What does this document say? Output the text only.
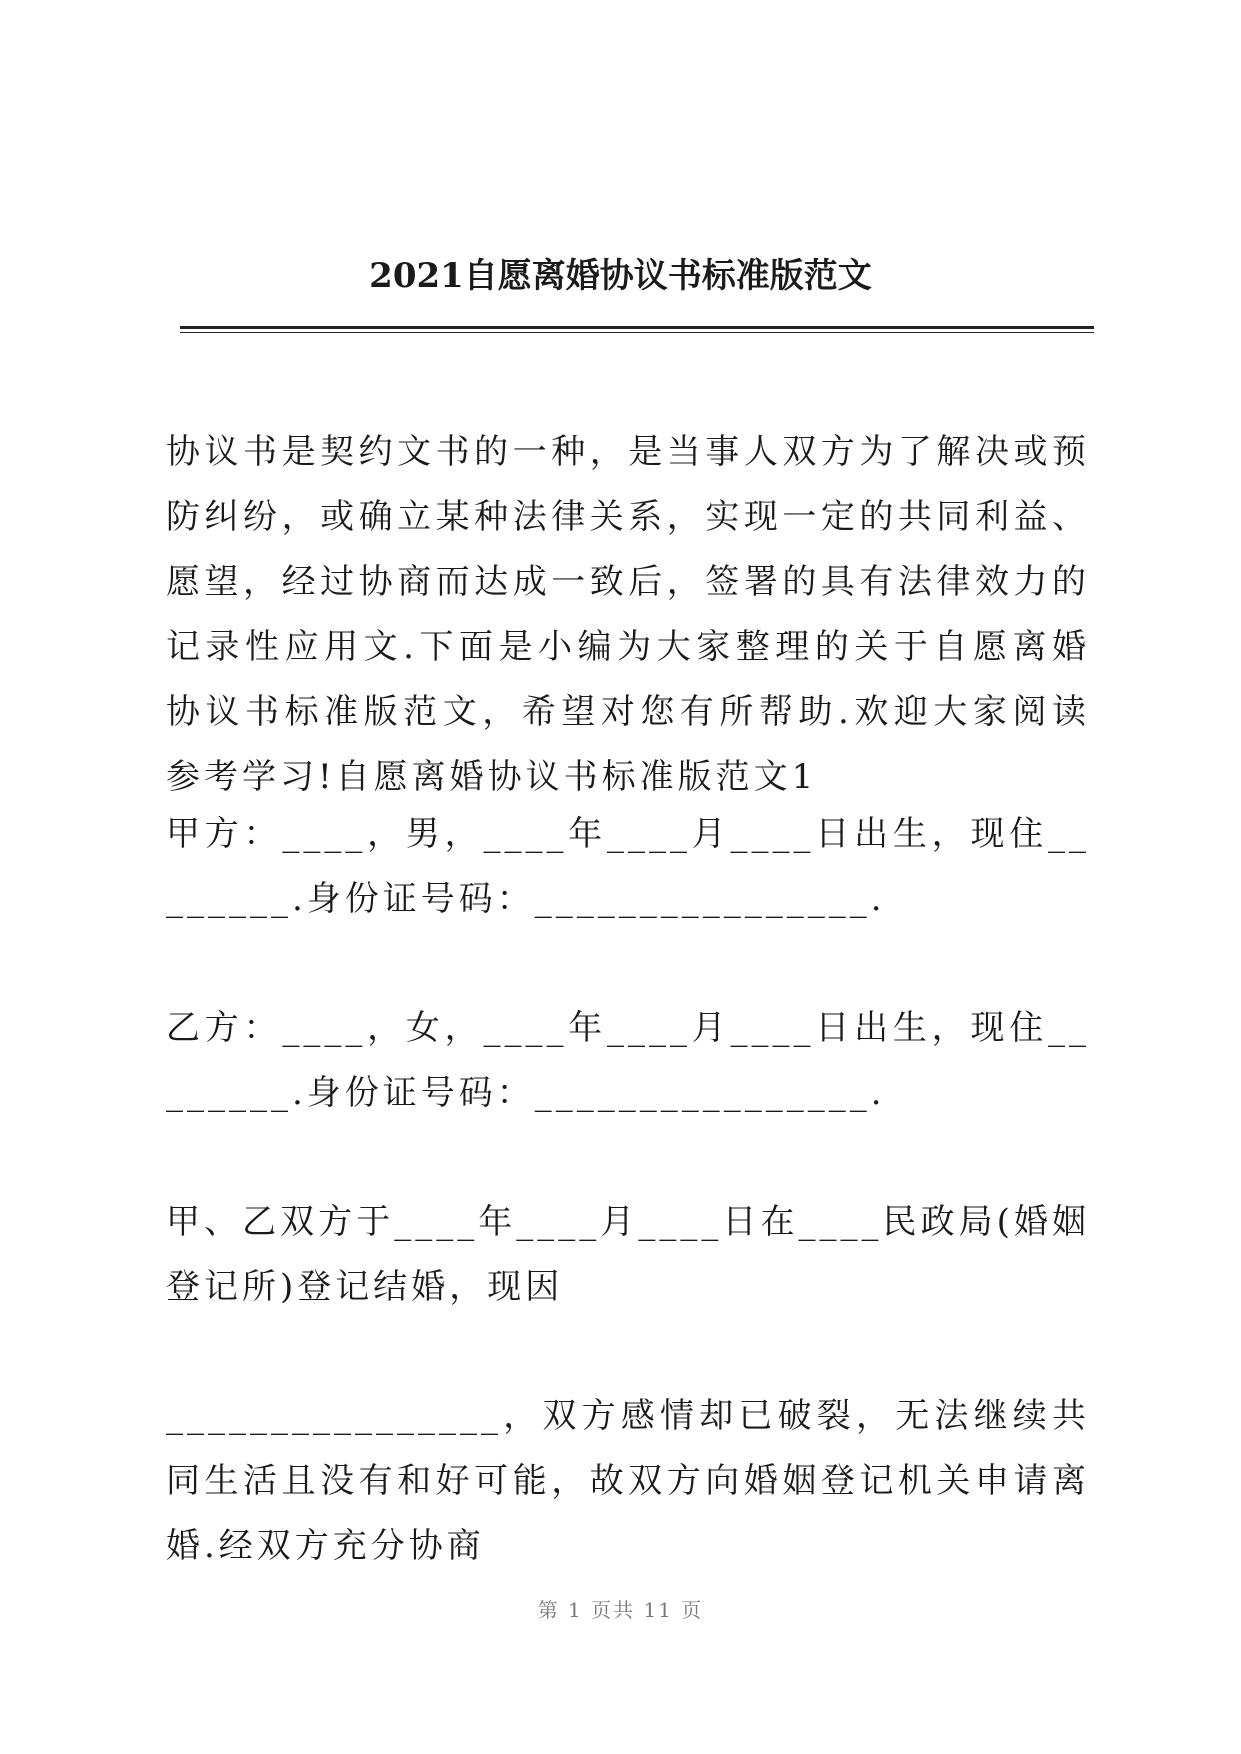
2021自愿离婚协议书标准版范文
协议书是契约文书的一种，是当事人双方为了解决或预防纠纷，或确立某种法律关系，实现一定的共同利益、愿望，经过协商而达成一致后，签署的具有法律效力的记录性应用文.下面是小编为大家整理的关于自愿离婚协议书标准版范文，希望对您有所帮助.欢迎大家阅读参考学习!自愿离婚协议书标准版范文1
甲方：____，男，____年____月____日出生，现住________.身份证号码：________________.
乙方：____，女，____年____月____日出生，现住________.身份证号码：________________.
甲、乙双方于____年____月____日在____民政局(婚姻登记所)登记结婚，现因
________________，双方感情却已破裂，无法继续共同生活且没有和好可能，故双方向婚姻登记机关申请离婚.经双方充分协商
第 1 页共 11 页
